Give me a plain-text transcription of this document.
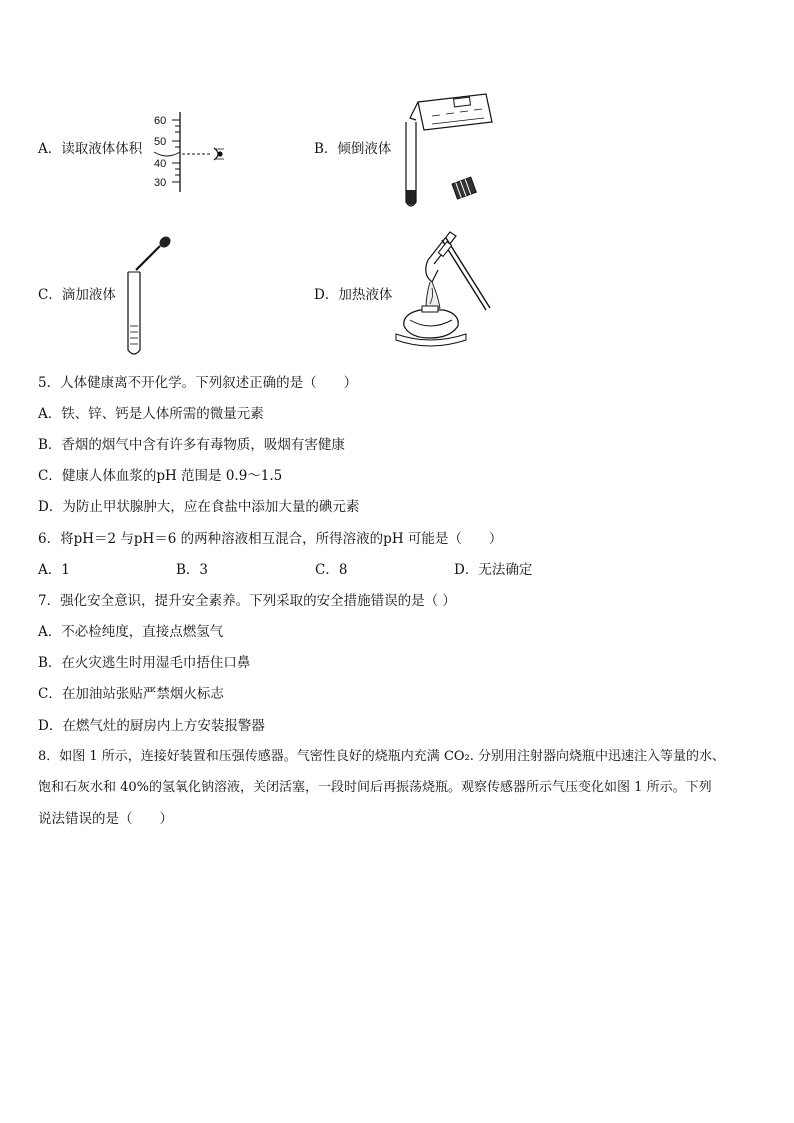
A．读取液体体积
60
50
40
30
B．倾倒液体
C．滴加液体	D．加热液体
5．人体健康离不开化学。下列叙述正确的是（　　）
A．铁、锌、钙是人体所需的微量元素
B．香烟的烟气中含有许多有毒物质，吸烟有害健康
C．健康人体血浆的pH 范围是 0.9～1.5
D．为防止甲状腺肿大，应在食盐中添加大量的碘元素
6．将pH＝2 与pH＝6 的两种溶液相互混合，所得溶液的pH 可能是（　　）
A．1	B．3	C．8	D．无法确定
7．强化安全意识，提升安全素养。下列采取的安全措施错误的是（ ）
A．不必检纯度，直接点燃氢气
B．在火灾逃生时用湿毛巾捂住口鼻
C．在加油站张贴严禁烟火标志
D．在燃气灶的厨房内上方安装报警器
8．如图 1 所示，连接好装置和压强传感器。气密性良好的烧瓶内充满 CO₂. 分别用注射器向烧瓶中迅速注入等量的水、
饱和石灰水和 40%的氢氧化钠溶液，关闭活塞，一段时间后再振荡烧瓶。观察传感器所示气压变化如图 1 所示。下列
说法错误的是（　　）
